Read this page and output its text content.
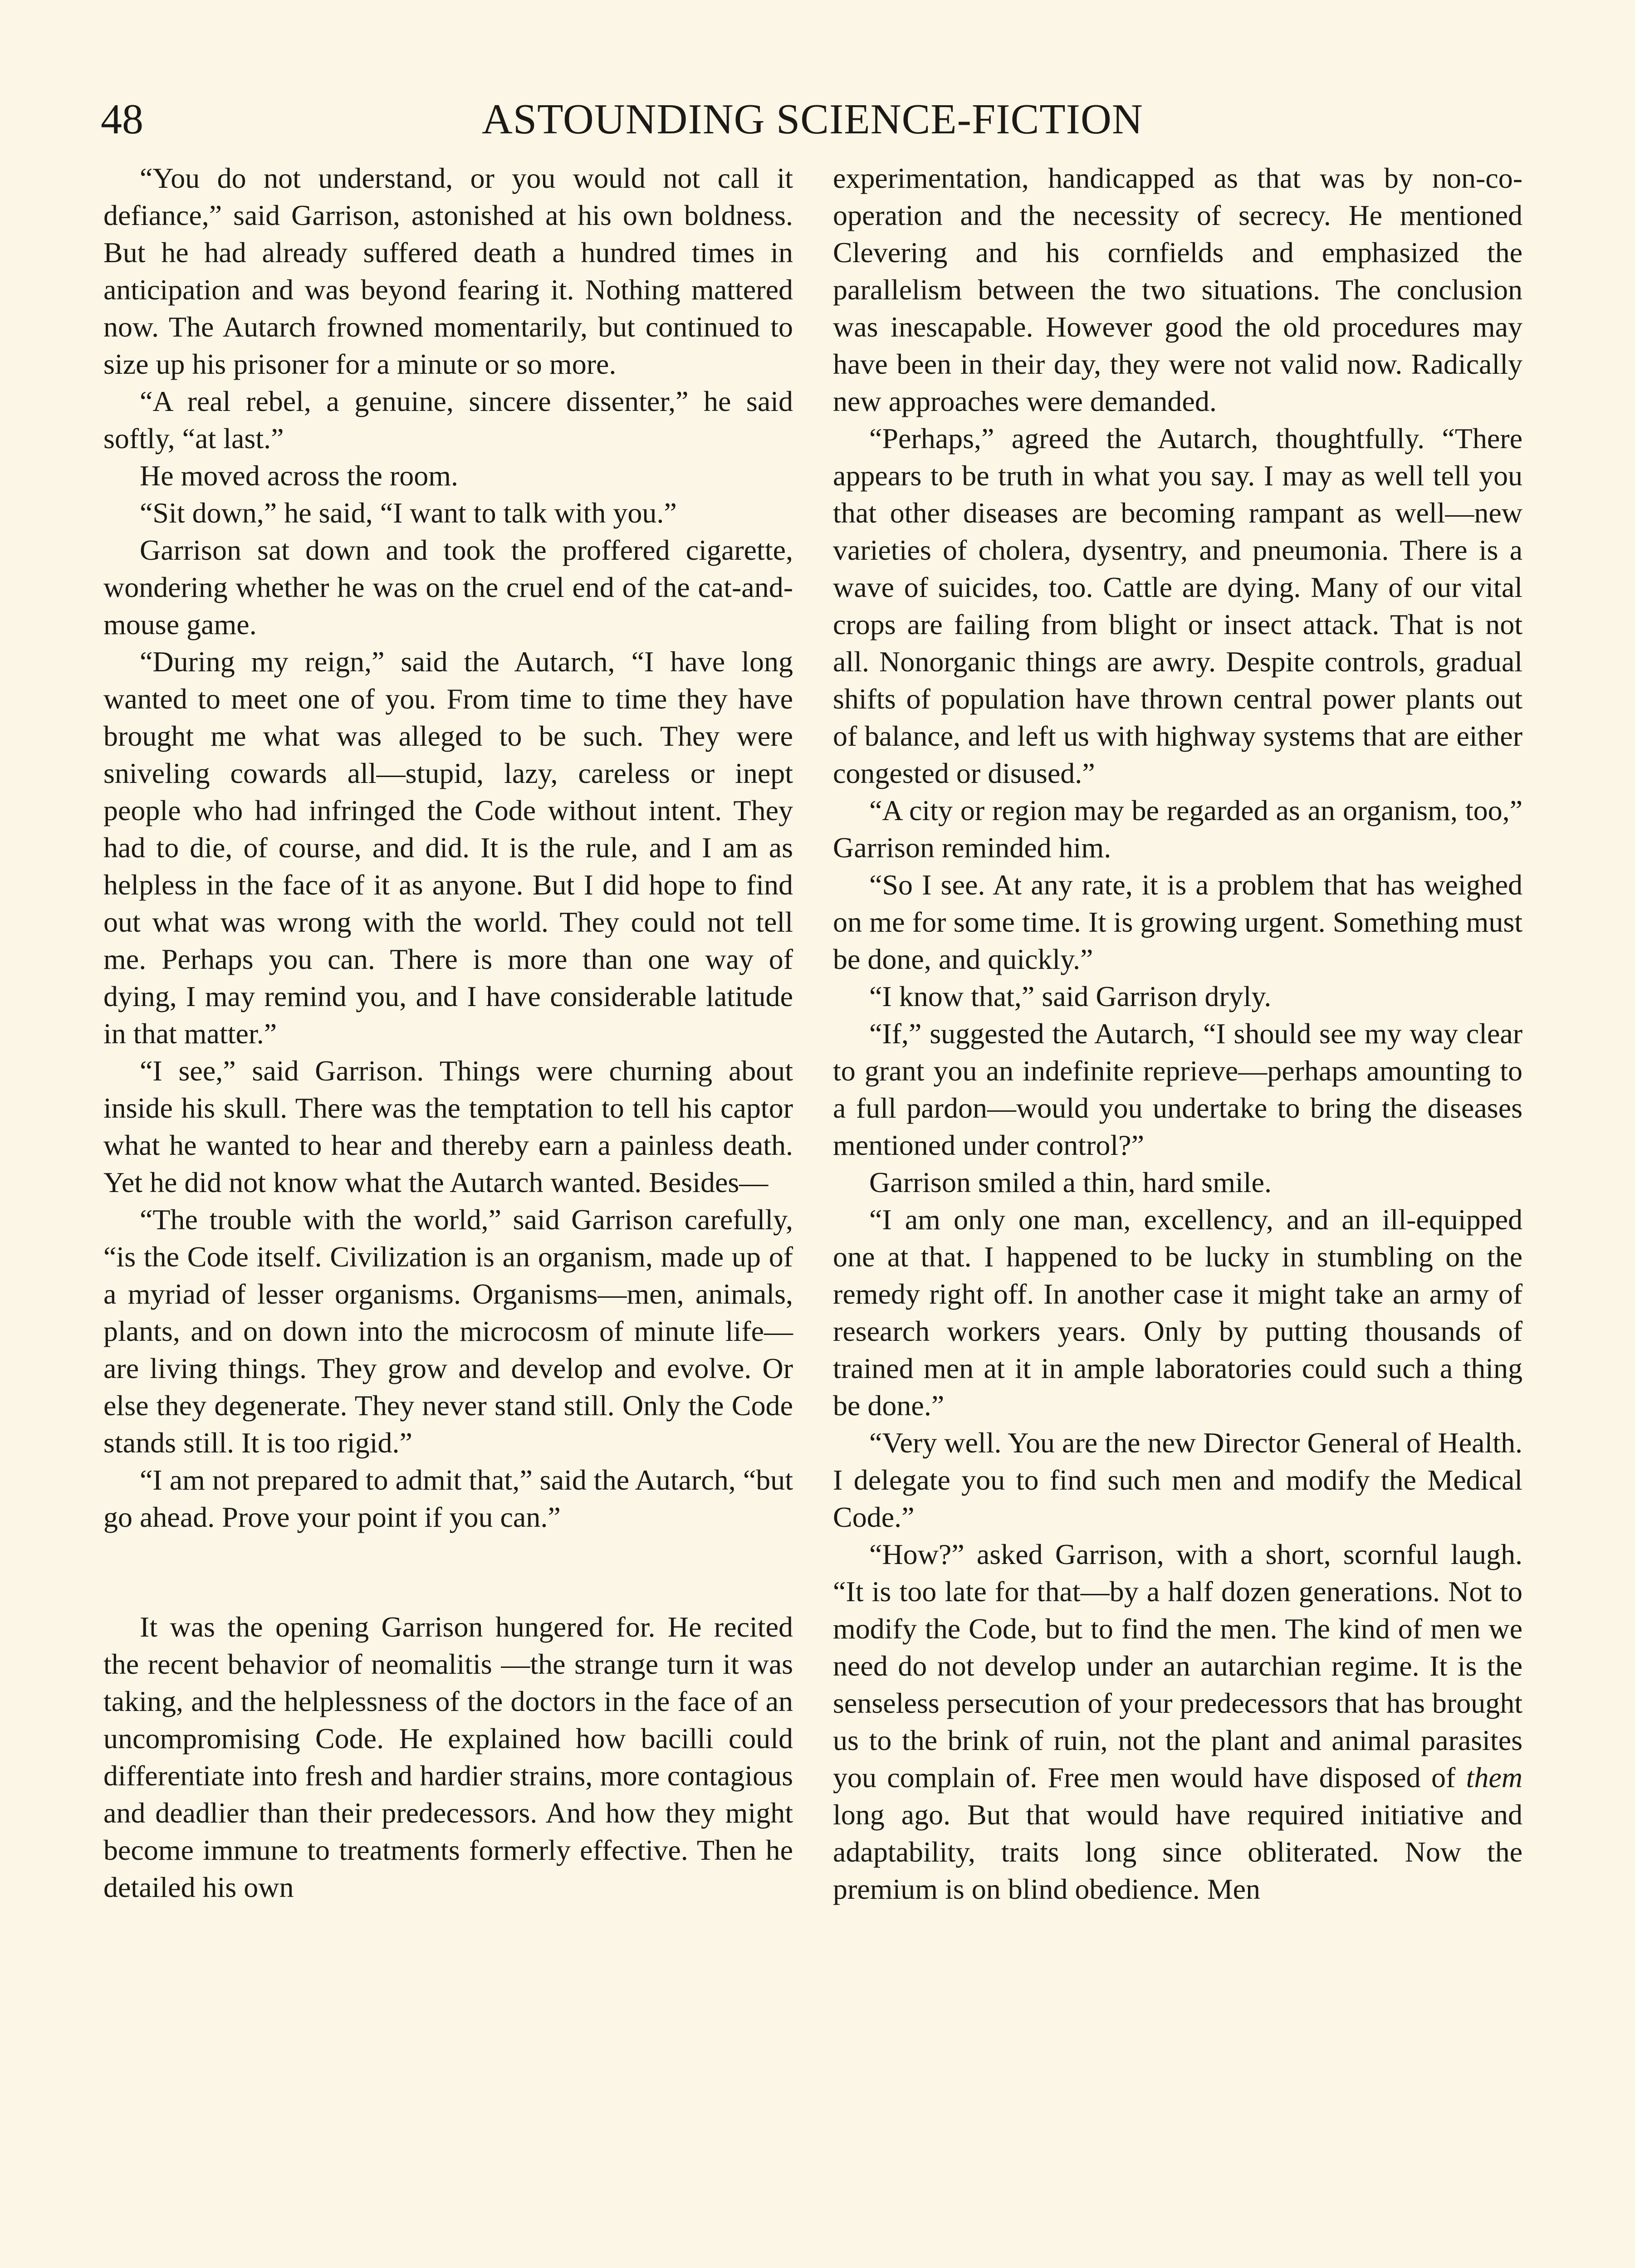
48	ASTOUNDING SCIENCE-FICTION

“You do not understand, or you would not call it defiance,” said Garrison, astonished at his own boldness. But he had already suffered death a hundred times in anticipation and was beyond fearing it. Nothing mattered now. The Autarch frowned momentarily, but continued to size up his prisoner for a minute or so more.

“A real rebel, a genuine, sincere dissenter,” he said softly, “at last.”

He moved across the room.

“Sit down,” he said, “I want to talk with you.”

Garrison sat down and took the proffered cigarette, wondering whether he was on the cruel end of the cat-and-mouse game.

“During my reign,” said the Autarch, “I have long wanted to meet one of you. From time to time they have brought me what was alleged to be such. They were sniveling cowards all—stupid, lazy, careless or inept people who had infringed the Code without intent. They had to die, of course, and did. It is the rule, and I am as helpless in the face of it as anyone. But I did hope to find out what was wrong with the world. They could not tell me. Perhaps you can. There is more than one way of dying, I may remind you, and I have considerable latitude in that matter.”

“I see,” said Garrison. Things were churning about inside his skull. There was the temptation to tell his captor what he wanted to hear and thereby earn a painless death. Yet he did not know what the Autarch wanted. Besides—

“The trouble with the world,” said Garrison carefully, “is the Code itself. Civilization is an organism, made up of a myriad of lesser organisms. Organisms—men, animals, plants, and on down into the microcosm of minute life—are living things. They grow and develop and evolve. Or else they degenerate. They never stand still. Only the Code stands still. It is too rigid.”

“I am not prepared to admit that,” said the Autarch, “but go ahead. Prove your point if you can.”

It was the opening Garrison hungered for. He recited the recent behavior of neomalitis —the strange turn it was taking, and the helplessness of the doctors in the face of an uncompromising Code. He explained how bacilli could differentiate into fresh and hardier strains, more contagious and deadlier than their predecessors. And how they might become immune to treatments formerly effective. Then he detailed his own

experimentation, handicapped as that was by non-co-operation and the necessity of secrecy. He mentioned Clevering and his cornfields and emphasized the parallelism between the two situations. The conclusion was inescapable. However good the old procedures may have been in their day, they were not valid now. Radically new approaches were demanded.

“Perhaps,” agreed the Autarch, thoughtfully. “There appears to be truth in what you say. I may as well tell you that other diseases are becoming rampant as well—new varieties of cholera, dysentry, and pneumonia. There is a wave of suicides, too. Cattle are dying. Many of our vital crops are failing from blight or insect attack. That is not all. Nonorganic things are awry. Despite controls, gradual shifts of population have thrown central power plants out of balance, and left us with highway systems that are either congested or disused.”

“A city or region may be regarded as an organism, too,” Garrison reminded him.

“So I see. At any rate, it is a problem that has weighed on me for some time. It is growing urgent. Something must be done, and quickly.”

“I know that,” said Garrison dryly.

“If,” suggested the Autarch, “I should see my way clear to grant you an indefinite reprieve—perhaps amounting to a full pardon—would you undertake to bring the diseases mentioned under control?”

Garrison smiled a thin, hard smile.

“I am only one man, excellency, and an ill-equipped one at that. I happened to be lucky in stumbling on the remedy right off. In another case it might take an army of research workers years. Only by putting thousands of trained men at it in ample laboratories could such a thing be done.”

“Very well. You are the new Director General of Health. I delegate you to find such men and modify the Medical Code.”

“How?” asked Garrison, with a short, scornful laugh. “It is too late for that—by a half dozen generations. Not to modify the Code, but to find the men. The kind of men we need do not develop under an autarchian regime. It is the senseless persecution of your predecessors that has brought us to the brink of ruin, not the plant and animal parasites you complain of. Free men would have disposed of them long ago. But that would have required initiative and adaptability, traits long since obliterated. Now the premium is on blind obedience. Men
